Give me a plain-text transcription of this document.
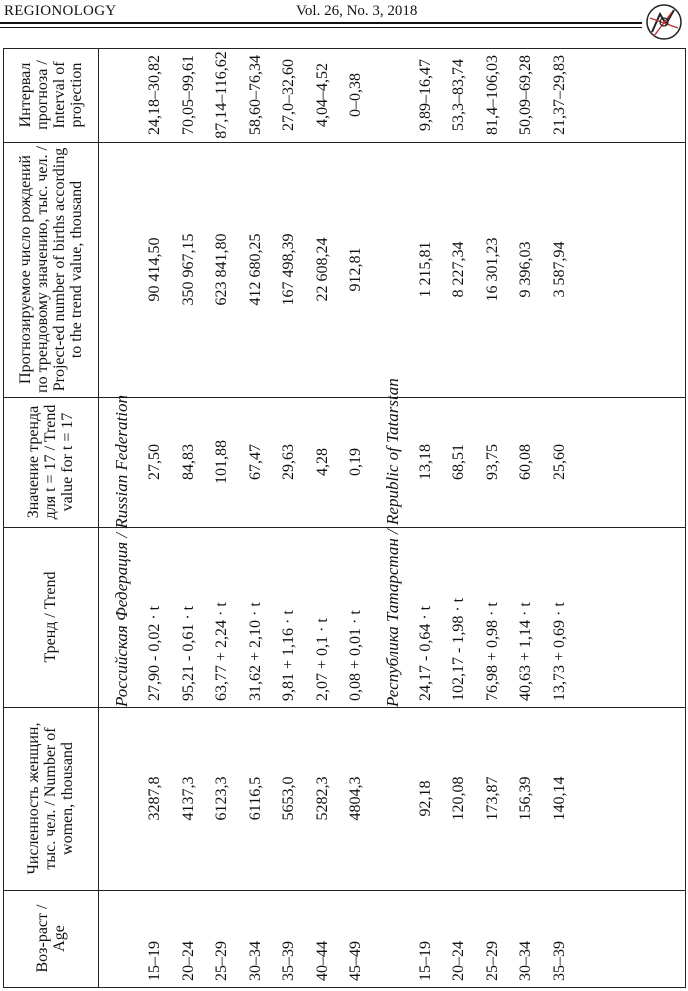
REGIONOLOGY	Vol. 26, No. 3, 2018
Воз-раст / Age
Численность женщин, тыс. чел. / Number of women, thousand
Тренд / Trend
Значение тренда для t = 17 / Trend value for t = 17
Прогнозируемое число рождений по трендовому значению, тыс. чел. / Project-ed number of births according to the trend value, thousand
Интервал прогноза / Interval of projection
Российская Федерация / Russian Federation
15–19
3287,8
27,90 - 0,02 · t
27,50
90 414,50
24,18–30,82
20–24
4137,3
95,21 - 0,61 · t
84,83
350 967,15
70,05–99,61
25–29
6123,3
63,77 + 2,24 · t
101,88
623 841,80
87,14–116,62
30–34
6116,5
31,62 + 2,10 · t
67,47
412 680,25
58,60–76,34
35–39
5653,0
9,81 + 1,16 · t
29,63
167 498,39
27,0–32,60
40–44
5282,3
2,07 + 0,1 · t
4,28
22 608,24
4,04–4,52
45–49
4804,3
0,08 + 0,01 · t
0,19
912,81
0–0,38
Республика Татарстан / Republic of Tatarstan
15–19
92,18
24,17 - 0,64 · t
13,18
1 215,81
9,89–16,47
20–24
120,08
102,17 - 1,98 · t
68,51
8 227,34
53,3–83,74
25–29
173,87
76,98 + 0,98 · t
93,75
16 301,23
81,4–106,03
30–34
156,39
40,63 + 1,14 · t
60,08
9 396,03
50,09–69,28
35–39
140,14
13,73 + 0,69 · t
25,60
3 587,94
21,37–29,83
